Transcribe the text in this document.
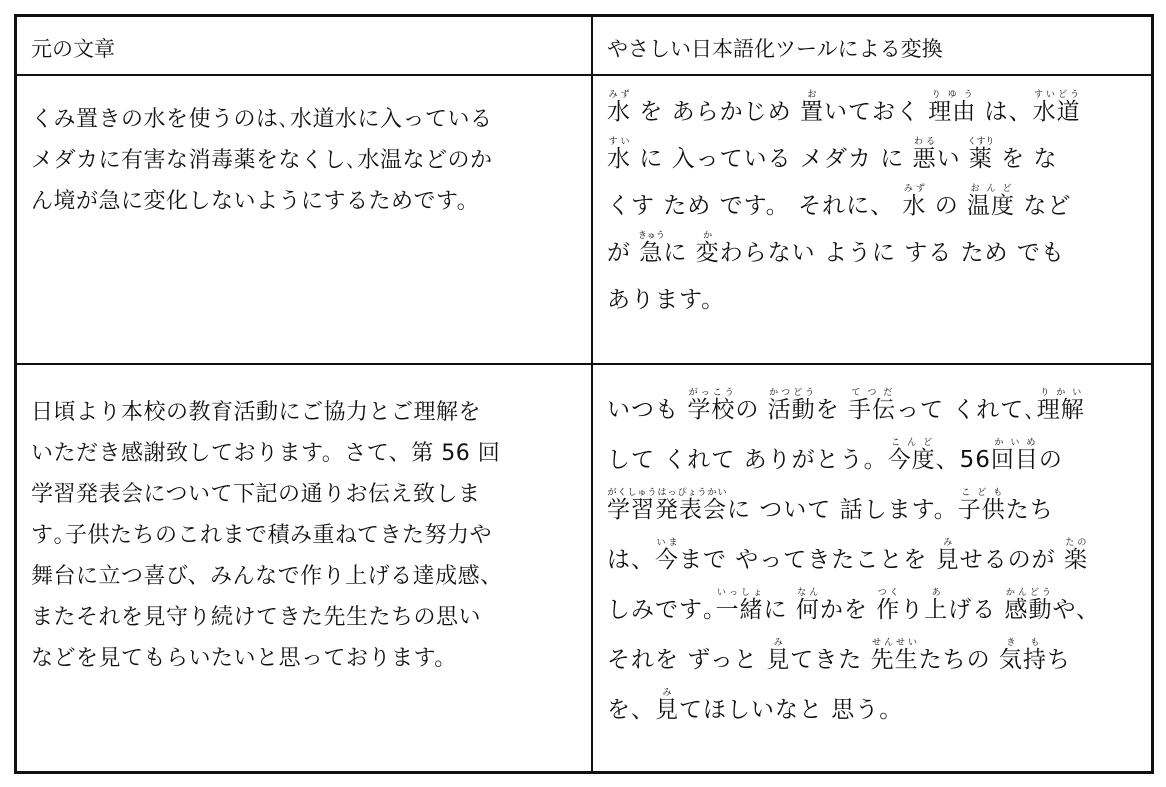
元の文章	やさしい日本語化ツールによる変換

くみ置きの水を使うのは､水道水に入っている

メダカに有害な消毒薬をなくし､水温などのか

ん境が急に変化しないようにするためです。

水みず を あらかじめ 置おいておく 理由りゆう は、水道すいどう

水すい に 入っている メダカ に 悪わるい 薬くすり を な

くす ため です。 それに、 水みず の 温度おんど など

が 急きゅうに 変かわらない ように する ため でも

あります。

日頃より本校の教育活動にご協力とご理解を

いただき感謝致しております。さて、第 56 回

学習発表会について下記の通りお伝え致しま

す｡子供たちのこれまで積み重ねてきた努力や

舞台に立つ喜び、みんなで作り上げる達成感、

またそれを見守り続けてきた先生たちの思い

などを見てもらいたいと思っております。

いつも 学校がっこうの 活動かつどうを 手伝てつだって くれて､理解りかい

して くれて ありがとう。今度こんど、56回目かいめの

学習発表会がくしゅうはっぴょうかいに ついて 話します。子供こどもたち

は、今いままで やってきたことを 見みせるのが 楽たの

しみです｡一緒いっしょに 何なんかを 作つくり上あげる 感動かんどうや、

それを ずっと 見みてきた 先生せんせいたちの 気持きもち

を、見みてほしいなと 思う。
